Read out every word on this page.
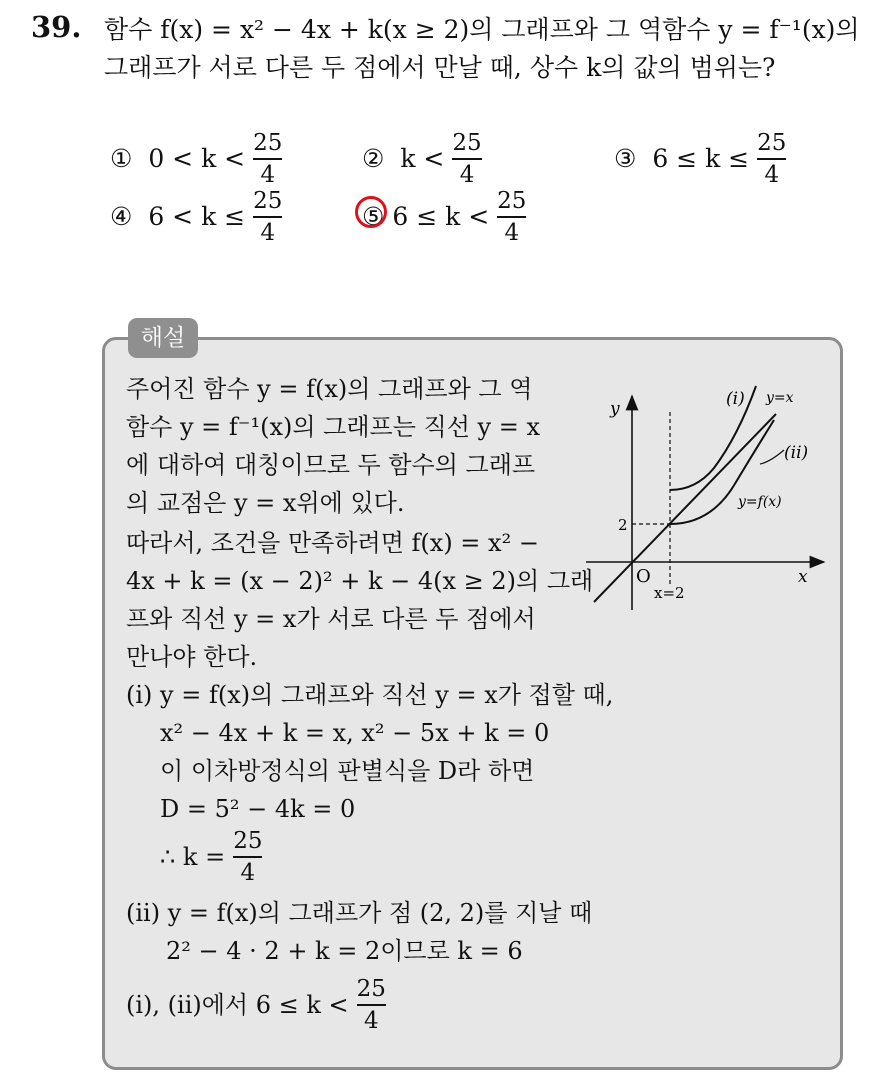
39. 함수 f(x) = x² − 4x + k(x ≥ 2)의 그래프와 그 역함수 y = f⁻¹(x)의
그래프가 서로 다른 두 점에서 만날 때, 상수 k의 값의 범위는?
①
$0 < k < \frac{25}{4}$	②
$k < \frac{25}{4}$	③
$6 \le k \le \frac{25}{4}$
④
$6 < k \le \frac{25}{4}$	⑤
$6 \le k < \frac{25}{4}$
해설
주어진 함수 y = f(x)의 그래프와 그 역
함수 y = f⁻¹(x)의 그래프는 직선 y = x
에 대하여 대칭이므로 두 함수의 그래프
의 교점은 y = x위에 있다.
따라서, 조건을 만족하려면 f(x) = x² −
4x + k = (x − 2)² + k − 4(x ≥ 2)의 그래
프와 직선 y = x가 서로 다른 두 점에서
만나야 한다.
(i) y = f(x)의 그래프와 직선 y = x가 접할 때,
x² − 4x + k = x, x² − 5x + k = 0
이 이차방정식의 판별식을 D라 하면
D = 5² − 4k = 0
∴ $k = \frac{25}{4}$
(ii) y = f(x)의 그래프가 점 (2, 2)를 지날 때
2² − 4 · 2 + k = 2이므로 k = 6
(i), (ii)에서 $6 \le k < \frac{25}{4}$
y
x
O
2
x=2
(i) y=x
(ii)
y=f(x)
